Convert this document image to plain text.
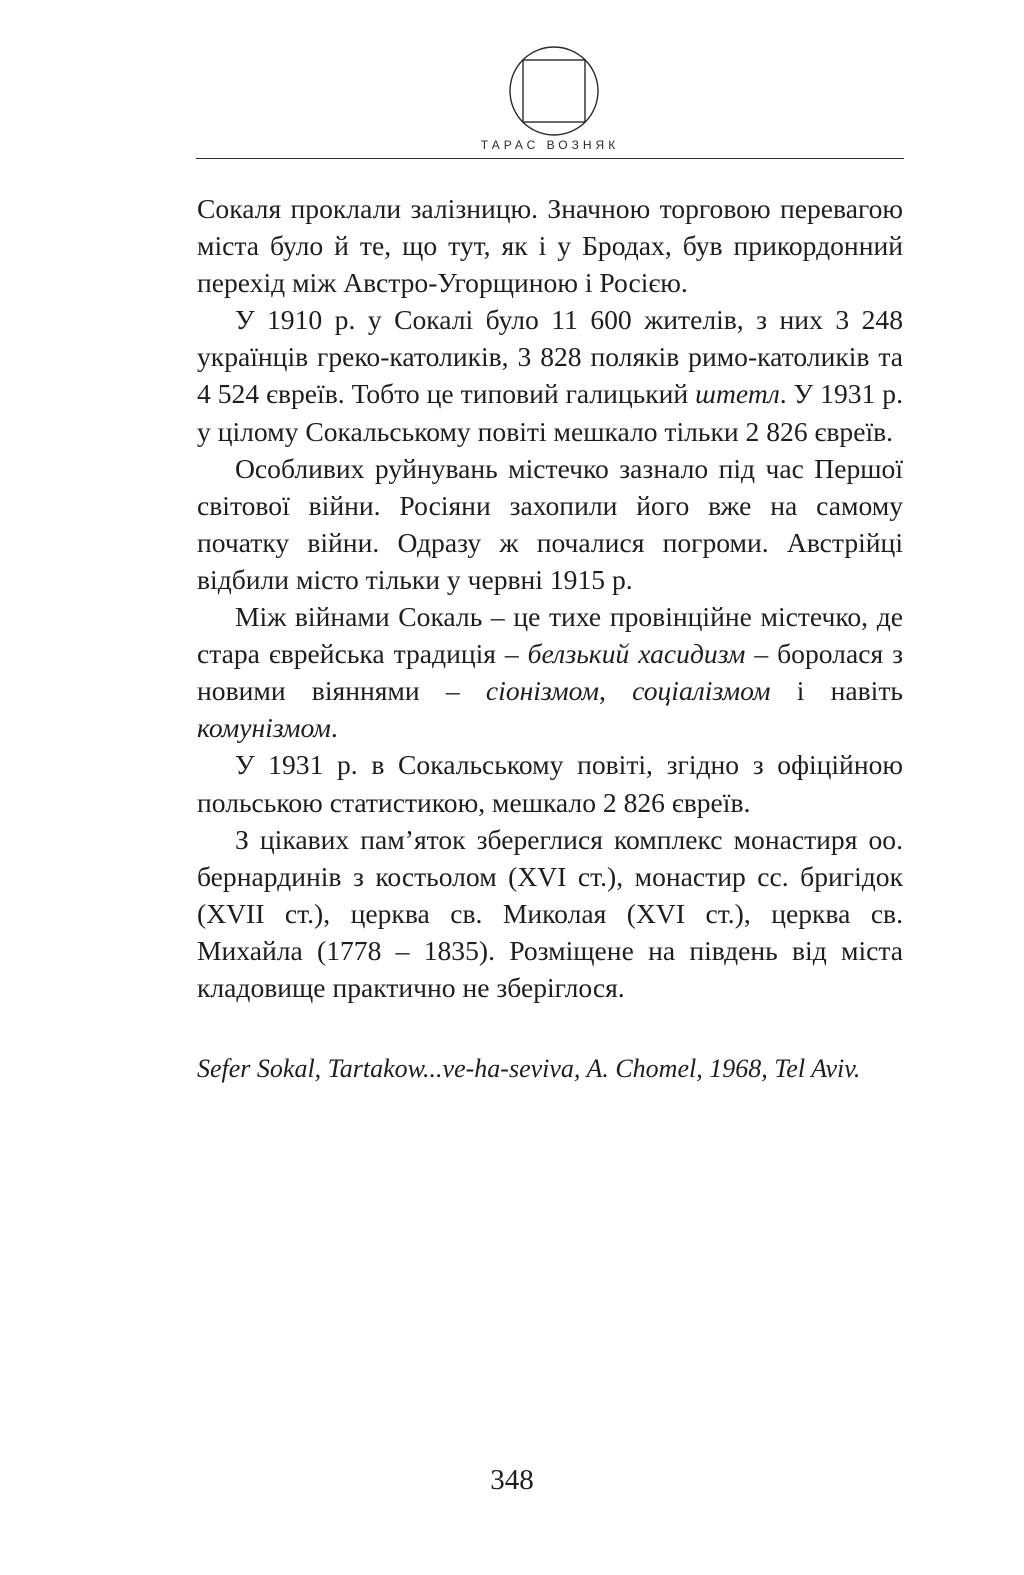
ТАРАС ВОЗНЯК

Сокаля проклали залізницю. Значною торговою перевагою міста було й те, що тут, як і у Бродах, був прикордонний перехід між Австро-Угорщиною і Росією.

У 1910 р. у Сокалі було 11 600 жителів, з них 3 248 українців греко-католиків, 3 828 поляків римо-католиків та 4 524 євреїв. Тобто це типовий галицький штетл. У 1931 р. у цілому Сокальському повіті мешкало тільки 2 826 євреїв.

Особливих руйнувань містечко зазнало під час Першої світової війни. Росіяни захопили його вже на самому початку війни. Одразу ж почалися погроми. Австрійці відбили місто тільки у червні 1915 р.

Між війнами Сокаль – це тихе провінційне містечко, де стара єврейська традиція – белзький хасидизм – боролася з новими віяннями – сіонізмом, соціалізмом і навіть комунізмом.

У 1931 р. в Сокальському повіті, згідно з офіційною польською статистикою, мешкало 2 826 євреїв.

З цікавих пам’яток збереглися комплекс монастиря оо. бернардинів з костьолом (XVI ст.), монастир сс. бригідок (XVII ст.), церква св. Миколая (XVI ст.), церква св. Михайла (1778 – 1835). Розміщене на південь від міста кладовище практично не зберіглося.

Sefer Sokal, Tartakow...ve-ha-seviva, A. Chomel, 1968, Tel Aviv.

348
